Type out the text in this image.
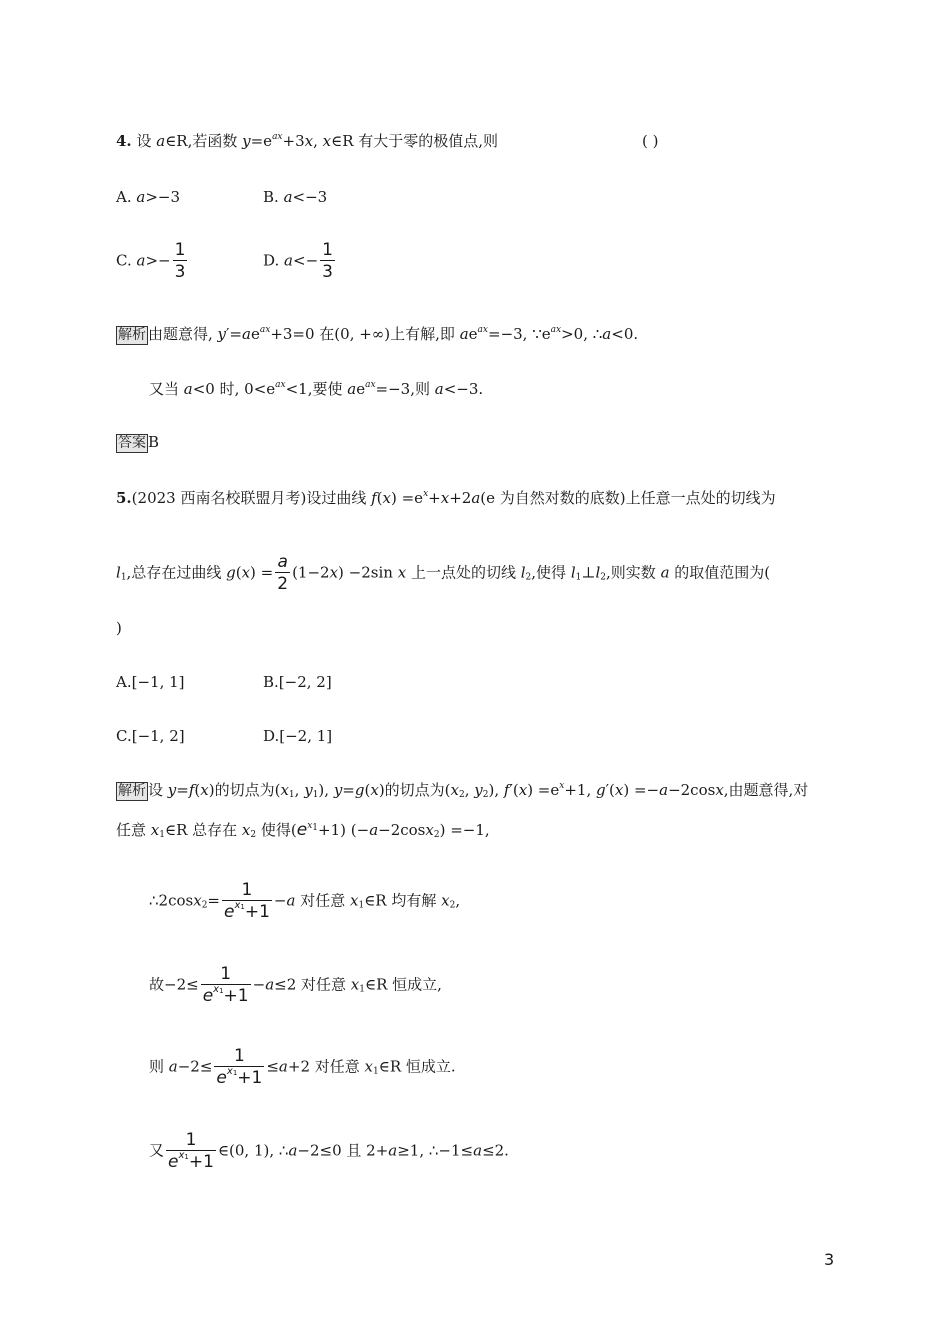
4. 设 a∈R,若函数 $y=e^{ax}+3x$, x∈R 有大于零的极值点,则	( )
A. a>−3	B. a<−3
C. $a>- \frac{1}{3}$	D. $a<- \frac{1}{3}$
解析 由题意得, $y'=ae^{ax}+3=0$ 在(0, +∞)上有解,即 $ae^{ax}=-3$, $\because e^{ax}>0$, ∴a<0.
又当 a<0 时, $0<e^{ax}<1$,要使 $ae^{ax}=-3$,则 a<−3.
答案 B
5.(2023 西南名校联盟月考)设过曲线 $f(x) =e^x+x+2a(e$ 为自然对数的底数)上任意一点处的切线为
$l_1$,总存在过曲线 $g(x) = \frac{a}{2} (1-2x) -2\sin$ x 上一点处的切线 $l_2$,使得 $l_1\perp l_2$,则实数 a 的取值范围为(
)
A.[−1, 1]	B.[−2, 2]
C.[−1, 2]	D.[−2, 1]
解析 设 y=f(x)的切点为($x_1$, $y_1$), y=g(x)的切点为($x_2$, $y_2$), $f'(x) =e^x+1$, g′(x) =−a−2cosx,由题意得,对
任意 $x_1\in R$ 总存在 $x_2$ 使得$(e^{x_1}+1)$ (−a−2cosx$_2$) =−1,
∴2cosx$_2$= $\frac{1}{e^{x_1}+1} -a$ 对任意 $x_1\in R$ 均有解 $x_2$,
故$-2\le \frac{1}{e^{x_1}+1} -a\le 2$ 对任意 $x_1\in R$ 恒成立,
则 $a-2\le \frac{1}{e^{x_1}+1} \le a+2$ 对任意 $x_1\in R$ 恒成立.
又 $\frac{1}{e^{x_1}+1}$ ∈(0, 1), ∴a−2≤0 且 2+a≥1, ∴−1≤a≤2.
3
